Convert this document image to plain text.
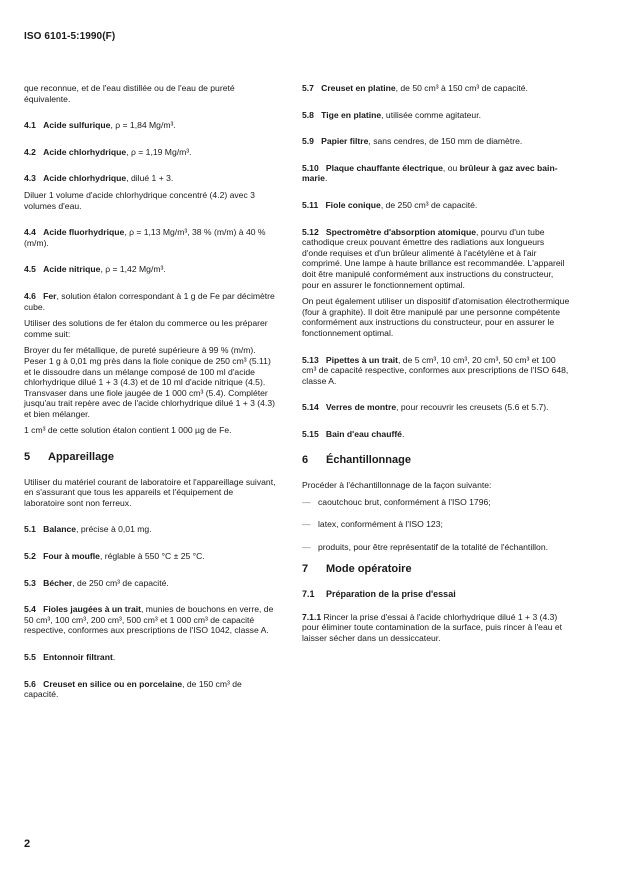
ISO 6101-5:1990(F)

que reconnue, et de l'eau distillée ou de l'eau de pureté équivalente.

4.1 Acide sulfurique, ρ = 1,84 Mg/m³.

4.2 Acide chlorhydrique, ρ = 1,19 Mg/m³.

4.3 Acide chlorhydrique, dilué 1 + 3.

Diluer 1 volume d'acide chlorhydrique concentré (4.2) avec 3 volumes d'eau.

4.4 Acide fluorhydrique, ρ = 1,13 Mg/m³, 38 % (m/m) à 40 % (m/m).

4.5 Acide nitrique, ρ = 1,42 Mg/m³.

4.6 Fer, solution étalon correspondant à 1 g de Fe par décimètre cube.

Utiliser des solutions de fer étalon du commerce ou les préparer comme suit:

Broyer du fer métallique, de pureté supérieure à 99 % (m/m). Peser 1 g à 0,01 mg près dans la fiole conique de 250 cm³ (5.11) et le dissoudre dans un mélange composé de 100 ml d'acide chlorhydrique dilué 1 + 3 (4.3) et de 10 ml d'acide nitrique (4.5). Transvaser dans une fiole jaugée de 1 000 cm³ (5.4). Compléter jusqu'au trait repère avec de l'acide chlorhydrique dilué 1 + 3 (4.3) et bien mélanger.

1 cm³ de cette solution étalon contient 1 000 µg de Fe.

5 Appareillage

Utiliser du matériel courant de laboratoire et l'appareillage suivant, en s'assurant que tous les appareils et l'équipement de laboratoire sont non ferreux.

5.1 Balance, précise à 0,01 mg.

5.2 Four à moufle, réglable à 550 °C ± 25 °C.

5.3 Bécher, de 250 cm³ de capacité.

5.4 Fioles jaugées à un trait, munies de bouchons en verre, de 50 cm³, 100 cm³, 200 cm³, 500 cm³ et 1 000 cm³ de capacité respective, conformes aux prescriptions de l'ISO 1042, classe A.

5.5 Entonnoir filtrant.

5.6 Creuset en silice ou en porcelaine, de 150 cm³ de capacité.

5.7 Creuset en platine, de 50 cm³ à 150 cm³ de capacité.

5.8 Tige en platine, utilisée comme agitateur.

5.9 Papier filtre, sans cendres, de 150 mm de diamètre.

5.10 Plaque chauffante électrique, ou brûleur à gaz avec bain-marie.

5.11 Fiole conique, de 250 cm³ de capacité.

5.12 Spectromètre d'absorption atomique, pourvu d'un tube cathodique creux pouvant émettre des radiations aux longueurs d'onde requises et d'un brûleur alimenté à l'acétylène et à l'air comprimé. Une lampe à haute brillance est recommandée. L'appareil doit être manipulé conformément aux instructions du constructeur, pour en assurer le fonctionnement optimal.

On peut également utiliser un dispositif d'atomisation électrothermique (four à graphite). Il doit être manipulé par une personne compétente conformément aux instructions du constructeur, pour en assurer le fonctionnement optimal.

5.13 Pipettes à un trait, de 5 cm³, 10 cm³, 20 cm³, 50 cm³ et 100 cm³ de capacité respective, conformes aux prescriptions de l'ISO 648, classe A.

5.14 Verres de montre, pour recouvrir les creusets (5.6 et 5.7).

5.15 Bain d'eau chauffé.

6 Échantillonnage

Procéder à l'échantillonnage de la façon suivante:

— caoutchouc brut, conformément à l'ISO 1796;
— latex, conformément à l'ISO 123;
— produits, pour être représentatif de la totalité de l'échantillon.
7 Mode opératoire
7.1 Préparation de la prise d'essai

7.1.1 Rincer la prise d'essai à l'acide chlorhydrique dilué 1 + 3 (4.3) pour éliminer toute contamination de la surface, puis rincer à l'eau et laisser sécher dans un dessiccateur.

2
